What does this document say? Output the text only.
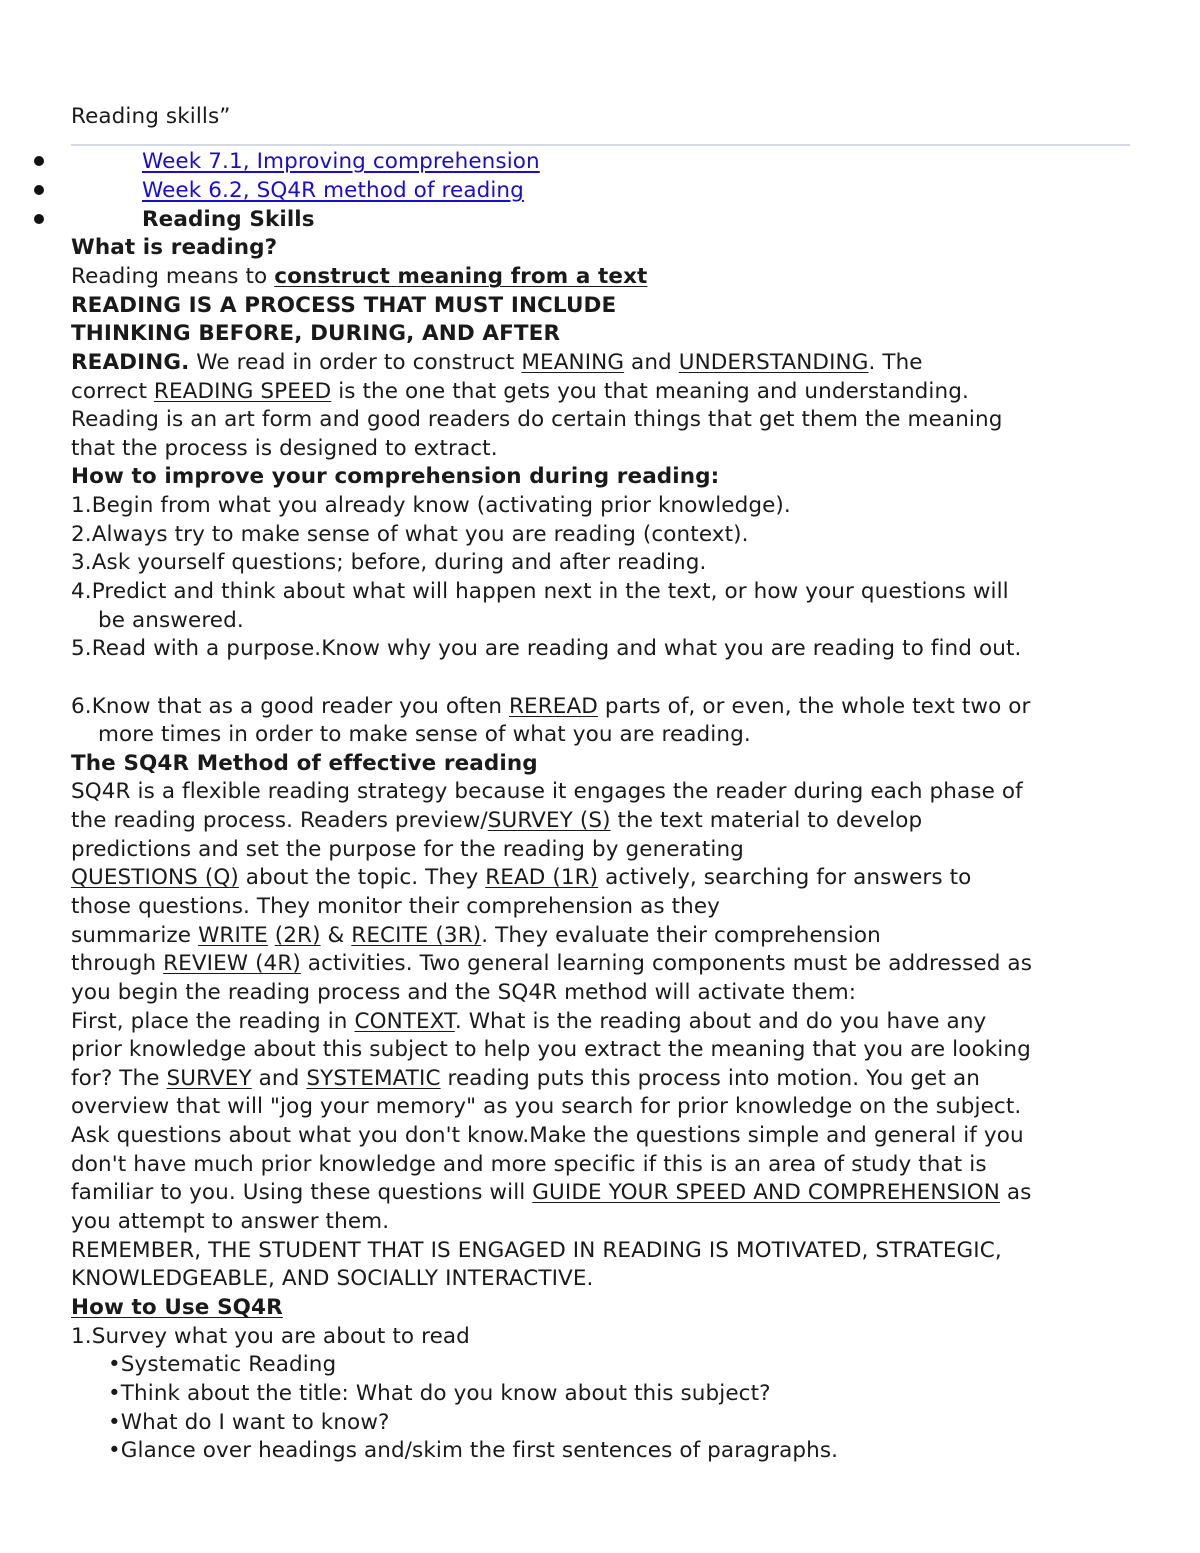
Reading skills”
Week 7.1, Improving comprehension
Week 6.2, SQ4R method of reading
Reading Skills
What is reading?
Reading means to construct meaning from a text
READING IS A PROCESS THAT MUST INCLUDE
THINKING BEFORE, DURING, AND AFTER
READING. We read in order to construct MEANING and UNDERSTANDING. The
correct READING SPEED is the one that gets you that meaning and understanding.
Reading is an art form and good readers do certain things that get them the meaning
that the process is designed to extract.
How to improve your comprehension during reading:
1.Begin from what you already know (activating prior knowledge).
2.Always try to make sense of what you are reading (context).
3.Ask yourself questions; before, during and after reading.
4.Predict and think about what will happen next in the text, or how your questions will
be answered.
5.Read with a purpose.Know why you are reading and what you are reading to find out.
6.Know that as a good reader you often REREAD parts of, or even, the whole text two or
more times in order to make sense of what you are reading.
The SQ4R Method of effective reading
SQ4R is a flexible reading strategy because it engages the reader during each phase of
the reading process. Readers preview/SURVEY (S) the text material to develop
predictions and set the purpose for the reading by generating
QUESTIONS (Q) about the topic. They READ (1R) actively, searching for answers to
those questions. They monitor their comprehension as they
summarize WRITE (2R) & RECITE (3R). They evaluate their comprehension
through REVIEW (4R) activities. Two general learning components must be addressed as
you begin the reading process and the SQ4R method will activate them:
First, place the reading in CONTEXT. What is the reading about and do you have any
prior knowledge about this subject to help you extract the meaning that you are looking
for? The SURVEY and SYSTEMATIC reading puts this process into motion. You get an
overview that will "jog your memory" as you search for prior knowledge on the subject.
Ask questions about what you don't know.Make the questions simple and general if you
don't have much prior knowledge and more specific if this is an area of study that is
familiar to you. Using these questions will GUIDE YOUR SPEED AND COMPREHENSION as
you attempt to answer them.
REMEMBER, THE STUDENT THAT IS ENGAGED IN READING IS MOTIVATED, STRATEGIC,
KNOWLEDGEABLE, AND SOCIALLY INTERACTIVE.
How to Use SQ4R
1.Survey what you are about to read
•Systematic Reading
•Think about the title: What do you know about this subject?
•What do I want to know?
•Glance over headings and/skim the first sentences of paragraphs.
